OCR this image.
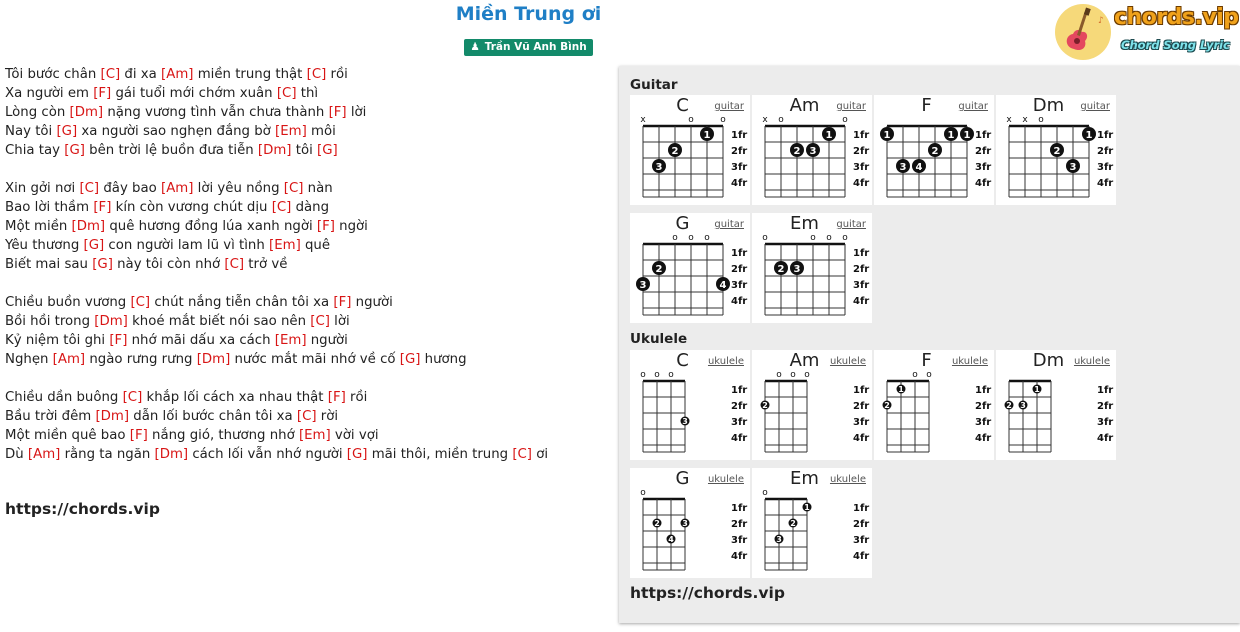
Miền Trung ơi
♟ Trần Vũ Anh Bình
♪ chords.vip
Chord Song Lyric
Tôi bước chân [C] đi xa [Am] miền trung thật [C] rồi
Xa người em [F] gái tuổi mới chớm xuân [C] thì
Lòng còn [Dm] nặng vương tình vẫn chưa thành [F] lời
Nay tôi [G] xa người sao nghẹn đắng bờ [Em] môi
Chia tay [G] bên trời lệ buồn đưa tiễn [Dm] tôi [G]
Xin gởi nơi [C] đây bao [Am] lời yêu nồng [C] nàn
Bao lời thầm [F] kín còn vương chút dịu [C] dàng
Một miền [Dm] quê hương đồng lúa xanh ngời [F] ngời
Yêu thương [G] con người lam lũ vì tình [Em] quê
Biết mai sau [G] này tôi còn nhớ [C] trở về
Chiều buồn vương [C] chút nắng tiễn chân tôi xa [F] người
Bồi hồi trong [Dm] khoé mắt biết nói sao nên [C] lời
Kỷ niệm tôi ghi [F] nhớ mãi dấu xa cách [Em] người
Nghẹn [Am] ngào rưng rưng [Dm] nước mắt mãi nhớ về cố [G] hương
Chiều dần buông [C] khắp lối cách xa nhau thật [F] rồi
Bầu trời đêm [Dm] dẫn lối bước chân tôi xa [C] rời
Một miền quê bao [F] nắng gió, thương nhớ [Em] vời vợi
Dù [Am] rằng ta ngăn [Dm] cách lối vẫn nhớ người [G] mãi thôi, miền trung [C] ơi
https://chords.vip
Guitar
Ukulele
https://chords.vip
C	guitar
1fr
2fr
3fr
4fr
x	o	o
1
2
3
Am	guitar
1fr
2fr
3fr
4fr
x o	o
1
2 3
F	guitar
1fr
2fr
3fr
4fr
1	1 1
2
3 4
Dm	guitar
1fr
2fr
3fr
4fr
x x o
1
2
3
G	guitar
1fr
2fr
3fr
4fr
o o o
2
3	4
Em	guitar
1fr
2fr
3fr
4fr
o	o o o
2 3
C	ukulele
1fr
2fr
3fr
4fr
o o o
3
Am	ukulele
1fr
2fr
3fr
4fr
o o o
2
F	ukulele
1fr
2fr
3fr
4fr
o o
1
2
Dm ukulele
1fr
2fr
3fr
4fr
1
2 3
G	ukulele
1fr
2fr
3fr
4fr
o
2	3
4
Em	ukulele
1fr
2fr
3fr
4fr
o
1
2
3
